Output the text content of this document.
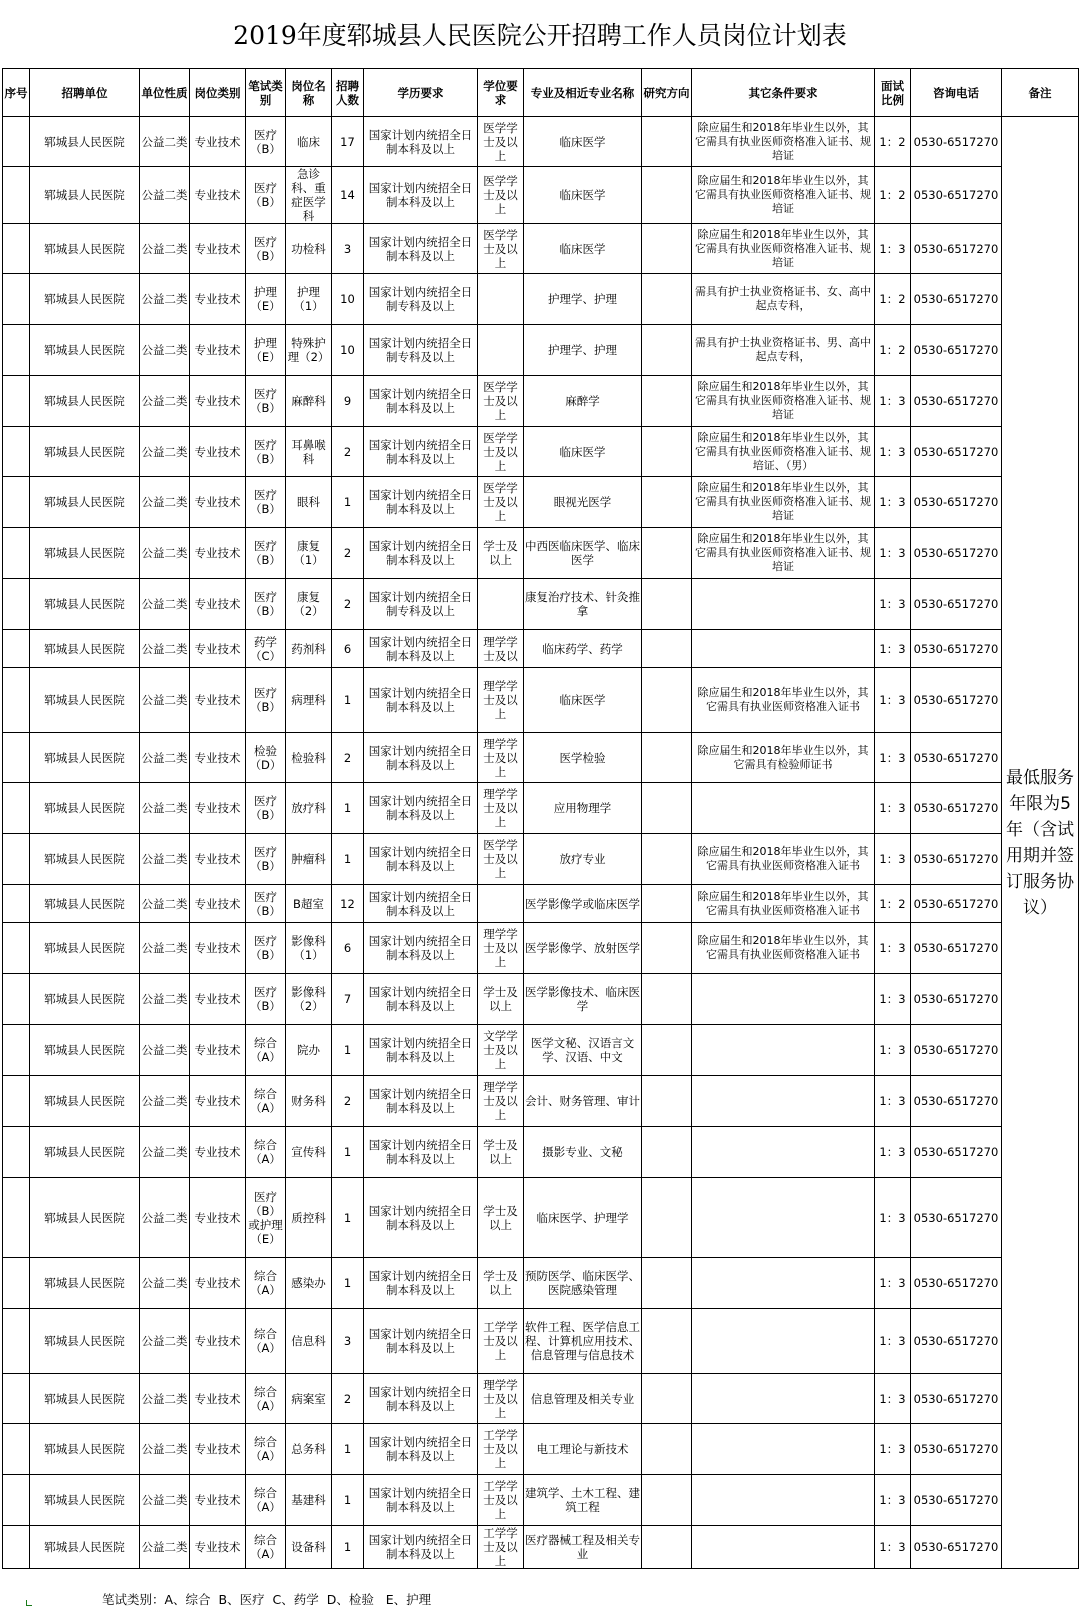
2019年度郓城县人民医院公开招聘工作人员岗位计划表
序号	招聘单位	单位性质	岗位类别	笔试类别	岗位名称	招聘人数	学历要求	学位要求	专业及相近专业名称	研究方向	其它条件要求	面试比例	咨询电话	备注
	郓城县人民医院	公益二类	专业技术	医疗（B）	临床	17	国家计划内统招全日制本科及以上	医学学士及以上	临床医学		除应届生和2018年毕业生以外，其它需具有执业医师资格准入证书、规培证	1：2	0530-6517270	最低服务年限为5年（含试用期并签订服务协议）
	郓城县人民医院	公益二类	专业技术	医疗（B）	急诊科、重症医学科	14	国家计划内统招全日制本科及以上	医学学士及以上	临床医学		除应届生和2018年毕业生以外，其它需具有执业医师资格准入证书、规培证	1：2	0530-6517270	
	郓城县人民医院	公益二类	专业技术	医疗（B）	功检科	3	国家计划内统招全日制本科及以上	医学学士及以上	临床医学		除应届生和2018年毕业生以外，其它需具有执业医师资格准入证书、规培证	1：3	0530-6517270	
	郓城县人民医院	公益二类	专业技术	护理（E）	护理（1）	10	国家计划内统招全日制专科及以上		护理学、护理		需具有护士执业资格证书、女、高中起点专科，	1：2	0530-6517270	
	郓城县人民医院	公益二类	专业技术	护理（E）	特殊护理（2）	10	国家计划内统招全日制专科及以上		护理学、护理		需具有护士执业资格证书、男、高中起点专科，	1：2	0530-6517270	
	郓城县人民医院	公益二类	专业技术	医疗（B）	麻醉科	9	国家计划内统招全日制本科及以上	医学学士及以上	麻醉学		除应届生和2018年毕业生以外，其它需具有执业医师资格准入证书、规培证	1：3	0530-6517270	
	郓城县人民医院	公益二类	专业技术	医疗（B）	耳鼻喉科	2	国家计划内统招全日制本科及以上	医学学士及以上	临床医学		除应届生和2018年毕业生以外，其它需具有执业医师资格准入证书、规培证、（男）	1：3	0530-6517270	
	郓城县人民医院	公益二类	专业技术	医疗（B）	眼科	1	国家计划内统招全日制本科及以上	医学学士及以上	眼视光医学		除应届生和2018年毕业生以外，其它需具有执业医师资格准入证书、规培证	1：3	0530-6517270	
	郓城县人民医院	公益二类	专业技术	医疗（B）	康复（1）	2	国家计划内统招全日制本科及以上	学士及以上	中西医临床医学、临床医学		除应届生和2018年毕业生以外，其它需具有执业医师资格准入证书、规培证	1：3	0530-6517270	
	郓城县人民医院	公益二类	专业技术	医疗（B）	康复（2）	2	国家计划内统招全日制专科及以上		康复治疗技术、针灸推拿			1：3	0530-6517270	
	郓城县人民医院	公益二类	专业技术	药学（C）	药剂科	6	国家计划内统招全日制本科及以上	理学学士及以	临床药学、药学			1：3	0530-6517270	
	郓城县人民医院	公益二类	专业技术	医疗（B）	病理科	1	国家计划内统招全日制本科及以上	理学学士及以上	临床医学		除应届生和2018年毕业生以外，其它需具有执业医师资格准入证书	1：3	0530-6517270	
	郓城县人民医院	公益二类	专业技术	检验（D）	检验科	2	国家计划内统招全日制本科及以上	理学学士及以上	医学检验		除应届生和2018年毕业生以外，其它需具有检验师证书	1：3	0530-6517270	
	郓城县人民医院	公益二类	专业技术	医疗（B）	放疗科	1	国家计划内统招全日制本科及以上	理学学士及以上	应用物理学			1：3	0530-6517270	
	郓城县人民医院	公益二类	专业技术	医疗（B）	肿瘤科	1	国家计划内统招全日制本科及以上	医学学士及以上	放疗专业		除应届生和2018年毕业生以外，其它需具有执业医师资格准入证书	1：3	0530-6517270	
	郓城县人民医院	公益二类	专业技术	医疗（B）	B超室	12	国家计划内统招全日制本科及以上		医学影像学或临床医学		除应届生和2018年毕业生以外，其它需具有执业医师资格准入证书	1：2	0530-6517270	
	郓城县人民医院	公益二类	专业技术	医疗（B）	影像科（1）	6	国家计划内统招全日制本科及以上	理学学士及以上	医学影像学、放射医学		除应届生和2018年毕业生以外，其它需具有执业医师资格准入证书	1：3	0530-6517270	
	郓城县人民医院	公益二类	专业技术	医疗（B）	影像科（2）	7	国家计划内统招全日制本科及以上	学士及以上	医学影像技术、临床医学			1：3	0530-6517270	
	郓城县人民医院	公益二类	专业技术	综合（A）	院办	1	国家计划内统招全日制本科及以上	文学学士及以上	医学文秘、汉语言文学、汉语、中文			1：3	0530-6517270	
	郓城县人民医院	公益二类	专业技术	综合（A）	财务科	2	国家计划内统招全日制本科及以上	理学学士及以上	会计、财务管理、审计			1：3	0530-6517270	
	郓城县人民医院	公益二类	专业技术	综合（A）	宣传科	1	国家计划内统招全日制本科及以上	学士及以上	摄影专业、文秘			1：3	0530-6517270	
	郓城县人民医院	公益二类	专业技术	医疗（B）或护理（E）	质控科	1	国家计划内统招全日制本科及以上	学士及以上	临床医学、护理学			1：3	0530-6517270	
	郓城县人民医院	公益二类	专业技术	综合（A）	感染办	1	国家计划内统招全日制本科及以上	学士及以上	预防医学、临床医学、医院感染管理			1：3	0530-6517270	
	郓城县人民医院	公益二类	专业技术	综合（A）	信息科	3	国家计划内统招全日制本科及以上	工学学士及以上	软件工程、医学信息工程、计算机应用技术、信息管理与信息技术			1：3	0530-6517270	
	郓城县人民医院	公益二类	专业技术	综合（A）	病案室	2	国家计划内统招全日制本科及以上	理学学士及以上	信息管理及相关专业			1：3	0530-6517270	
	郓城县人民医院	公益二类	专业技术	综合（A）	总务科	1	国家计划内统招全日制本科及以上	工学学士及以上	电工理论与新技术			1：3	0530-6517270	
	郓城县人民医院	公益二类	专业技术	综合（A）	基建科	1	国家计划内统招全日制本科及以上	工学学士及以上	建筑学、土木工程、建筑工程			1：3	0530-6517270	
	郓城县人民医院	公益二类	专业技术	综合（A）	设备科	1	国家计划内统招全日制本科及以上	工学学士及以上	医疗器械工程及相关专业			1：3	0530-6517270	
笔试类别：A、综合  B、医疗  C、药学  D、检验   E、护理
